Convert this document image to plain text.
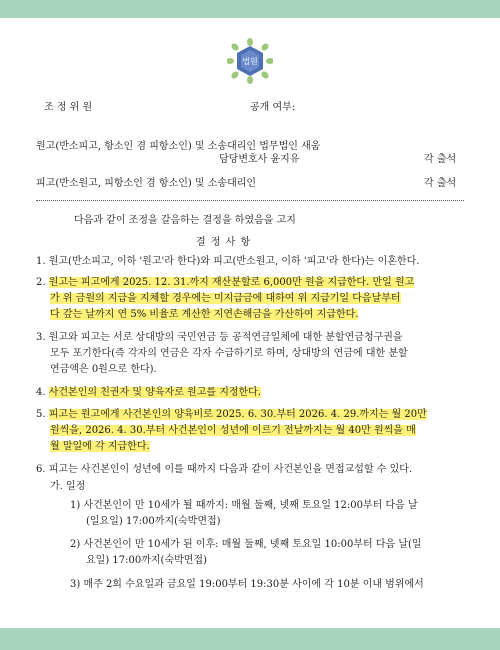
법원
조 정 위 원	공개 여부:
원고(반소피고, 항소인 겸 피항소인) 및 소송대리인 법무법인 새움
담당변호사 윤지유	각 출석
피고(반소원고, 피항소인 겸 항소인) 및 소송대리인	각 출석
다음과 같이 조정을 갈음하는 결정을 하였음을 고지
결 정 사 항
1. 원고(반소피고, 이하 '원고'라 한다)와 피고(반소원고, 이하 '피고'라 한다)는 이혼한다.
2. 원고는 피고에게 2025. 12. 31.까지 재산분할로 6,000만 원을 지급한다. 만일 원고
가 위 금원의 지급을 지체할 경우에는 미지급금에 대하여 위 지급기일 다음날부터
다 갚는 날까지 연 5% 비율로 계산한 지연손해금을 가산하여 지급한다.
3. 원고와 피고는 서로 상대방의 국민연금 등 공적연금일체에 대한 분할연금청구권을
모두 포기한다(즉 각자의 연금은 각자 수급하기로 하며, 상대방의 연금에 대한 분할
연금액은 0원으로 한다).
4. 사건본인의 친권자 및 양육자로 원고를 지정한다.
5. 피고는 원고에게 사건본인의 양육비로 2025. 6. 30.부터 2026. 4. 29.까지는 월 20만
원씩을, 2026. 4. 30.부터 사건본인이 성년에 이르기 전날까지는 월 40만 원씩을 매
월 말일에 각 지급한다.
6. 피고는 사건본인이 성년에 이를 때까지 다음과 같이 사건본인을 면접교섭할 수 있다.
가. 일정
1) 사건본인이 만 10세가 될 때까지: 매월 둘째, 넷째 토요일 12:00부터 다음 날
(일요일) 17:00까지(숙박면접)
2) 사건본인이 만 10세가 된 이후: 매월 둘째, 넷째 토요일 10:00부터 다음 날(일
요일) 17:00까지(숙박면접)
3) 매주 2회 수요일과 금요일 19:00부터 19:30분 사이에 각 10분 이내 범위에서
